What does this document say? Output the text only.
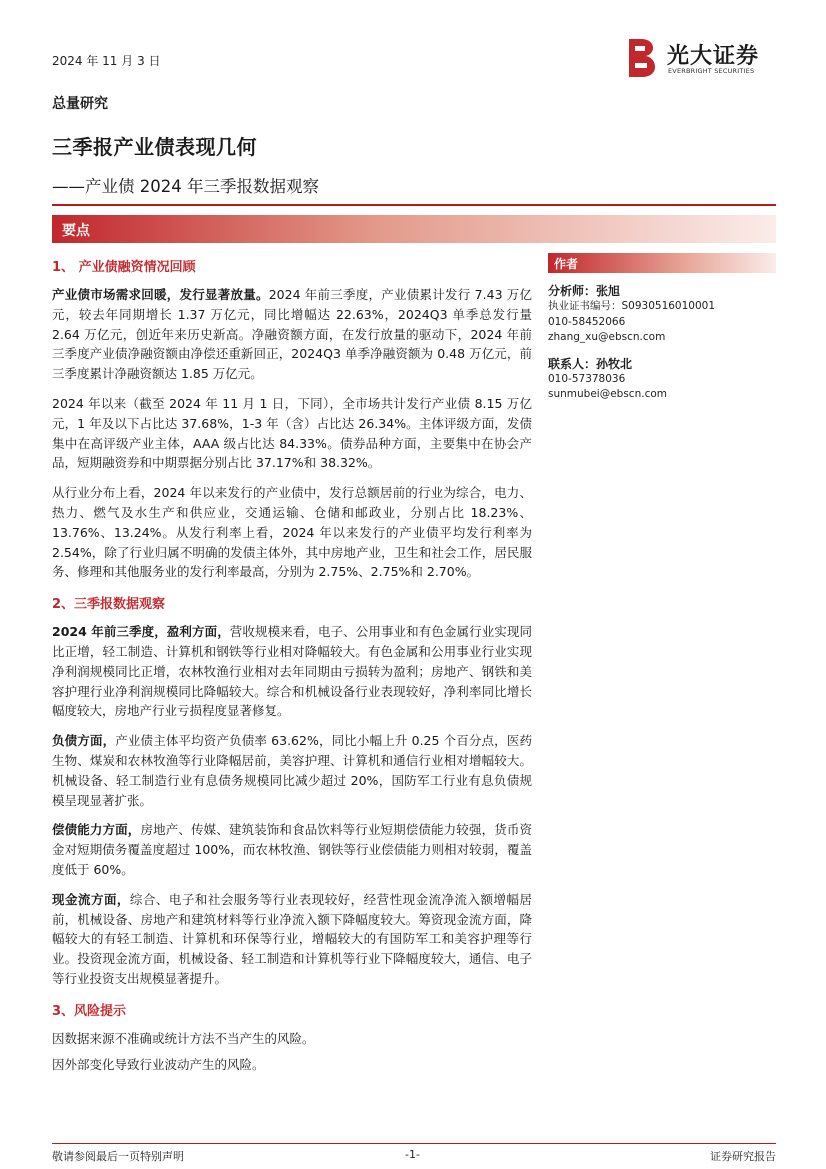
2024 年 11 月 3 日	光大证券
EVERBRIGHT SECURITIES
总量研究
三季报产业债表现几何
——产业债 2024 年三季报数据观察
要点
1、 产业债融资情况回顾

产业债市场需求回暖，发行显著放量。2024 年前三季度，产业债累计发行 7.43 万亿元，较去年同期增长 1.37 万亿元，同比增幅达 22.63%，2024Q3 单季总发行量 2.64 万亿元，创近年来历史新高。净融资额方面，在发行放量的驱动下，2024 年前三季度产业债净融资额由净偿还重新回正，2024Q3 单季净融资额为 0.48 万亿元，前三季度累计净融资额达 1.85 万亿元。

2024 年以来（截至 2024 年 11 月 1 日，下同），全市场共计发行产业债 8.15 万亿元，1 年及以下占比达 37.68%，1-3 年（含）占比达 26.34%。主体评级方面，发债集中在高评级产业主体，AAA 级占比达 84.33%。债券品种方面，主要集中在协会产品，短期融资券和中期票据分别占比 37.17%和 38.32%。

从行业分布上看，2024 年以来发行的产业债中，发行总额居前的行业为综合，电力、热力、燃气及水生产和供应业，交通运输、仓储和邮政业，分别占比 18.23%、13.76%、13.24%。从发行利率上看，2024 年以来发行的产业债平均发行利率为 2.54%，除了行业归属不明确的发债主体外，其中房地产业，卫生和社会工作，居民服务、修理和其他服务业的发行利率最高，分别为 2.75%、2.75%和 2.70%。

2、三季报数据观察

2024 年前三季度，盈利方面，营收规模来看，电子、公用事业和有色金属行业实现同比正增，轻工制造、计算机和钢铁等行业相对降幅较大。有色金属和公用事业行业实现净利润规模同比正增，农林牧渔行业相对去年同期由亏损转为盈利；房地产、钢铁和美容护理行业净利润规模同比降幅较大。综合和机械设备行业表现较好，净利率同比增长幅度较大，房地产行业亏损程度显著修复。

负债方面，产业债主体平均资产负债率 63.62%，同比小幅上升 0.25 个百分点，医药生物、煤炭和农林牧渔等行业降幅居前，美容护理、计算机和通信行业相对增幅较大。机械设备、轻工制造行业有息债务规模同比减少超过 20%，国防军工行业有息负债规模呈现显著扩张。

偿债能力方面，房地产、传媒、建筑装饰和食品饮料等行业短期偿债能力较强，货币资金对短期债务覆盖度超过 100%，而农林牧渔、钢铁等行业偿债能力则相对较弱，覆盖度低于 60%。

现金流方面，综合、电子和社会服务等行业表现较好，经营性现金流净流入额增幅居前，机械设备、房地产和建筑材料等行业净流入额下降幅度较大。筹资现金流方面，降幅较大的有轻工制造、计算机和环保等行业，增幅较大的有国防军工和美容护理等行业。投资现金流方面，机械设备、轻工制造和计算机等行业下降幅度较大，通信、电子等行业投资支出规模显著提升。

3、风险提示

因数据来源不准确或统计方法不当产生的风险。

因外部变化导致行业波动产生的风险。

作者
分析师：张旭
执业证书编号：S0930516010001
010-58452066
zhang_xu@ebscn.com
联系人：孙牧北
010-57378036
sunmubei@ebscn.com
敬请参阅最后一页特别声明	-1-	证券研究报告
